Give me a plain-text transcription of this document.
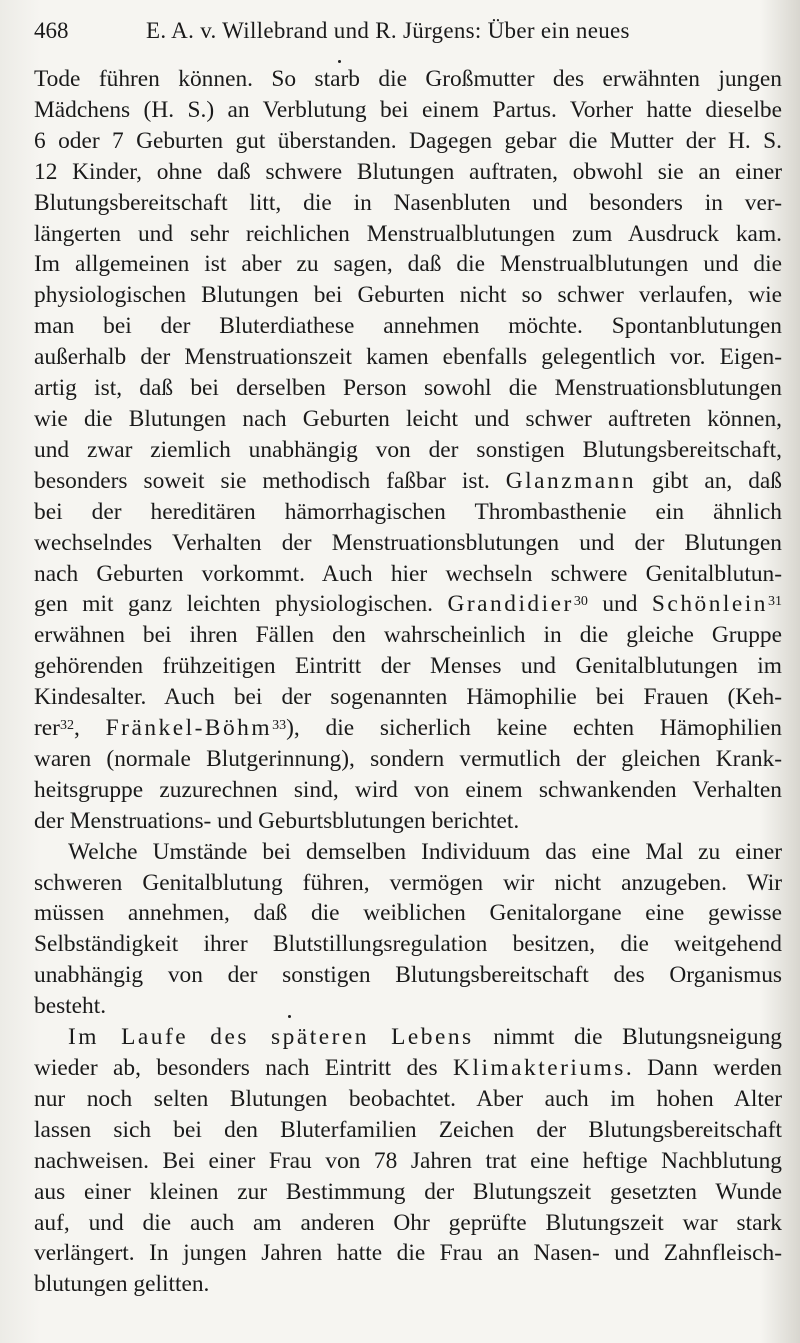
468	E. A. v. Willebrand und R. Jürgens: Über ein neues

Tode führen können. So starb die Großmutter des erwähnten jungen
Mädchens (H. S.) an Verblutung bei einem Partus. Vorher hatte dieselbe
6 oder 7 Geburten gut überstanden. Dagegen gebar die Mutter der H. S.
12 Kinder, ohne daß schwere Blutungen auftraten, obwohl sie an einer
Blutungsbereitschaft litt, die in Nasenbluten und besonders in ver-
längerten und sehr reichlichen Menstrualblutungen zum Ausdruck kam.
Im allgemeinen ist aber zu sagen, daß die Menstrualblutungen und die
physiologischen Blutungen bei Geburten nicht so schwer verlaufen, wie
man bei der Bluterdiathese annehmen möchte. Spontanblutungen
außerhalb der Menstruationszeit kamen ebenfalls gelegentlich vor. Eigen-
artig ist, daß bei derselben Person sowohl die Menstruationsblutungen
wie die Blutungen nach Geburten leicht und schwer auftreten können,
und zwar ziemlich unabhängig von der sonstigen Blutungsbereitschaft,
besonders soweit sie methodisch faßbar ist. Glanzmann gibt an, daß
bei der hereditären hämorrhagischen Thrombasthenie ein ähnlich
wechselndes Verhalten der Menstruationsblutungen und der Blutungen
nach Geburten vorkommt. Auch hier wechseln schwere Genitalblutun-
gen mit ganz leichten physiologischen. Grandidier$^{30}$ und Schönlein$^{31}$
erwähnen bei ihren Fällen den wahrscheinlich in die gleiche Gruppe
gehörenden frühzeitigen Eintritt der Menses und Genitalblutungen im
Kindesalter. Auch bei der sogenannten Hämophilie bei Frauen (Keh-
rer$^{32}$, Fränkel-Böhm$^{33}$), die sicherlich keine echten Hämophilien
waren (normale Blutgerinnung), sondern vermutlich der gleichen Krank-
heitsgruppe zuzurechnen sind, wird von einem schwankenden Verhalten
der Menstruations- und Geburtsblutungen berichtet.

Welche Umstände bei demselben Individuum das eine Mal zu einer
schweren Genitalblutung führen, vermögen wir nicht anzugeben. Wir
müssen annehmen, daß die weiblichen Genitalorgane eine gewisse
Selbständigkeit ihrer Blutstillungsregulation besitzen, die weitgehend
unabhängig von der sonstigen Blutungsbereitschaft des Organismus
besteht.

Im Laufe des späteren Lebens nimmt die Blutungsneigung
wieder ab, besonders nach Eintritt des Klimakteriums. Dann werden
nur noch selten Blutungen beobachtet. Aber auch im hohen Alter
lassen sich bei den Bluterfamilien Zeichen der Blutungsbereitschaft
nachweisen. Bei einer Frau von 78 Jahren trat eine heftige Nachblutung
aus einer kleinen zur Bestimmung der Blutungszeit gesetzten Wunde
auf, und die auch am anderen Ohr geprüfte Blutungszeit war stark
verlängert. In jungen Jahren hatte die Frau an Nasen- und Zahnfleisch-
blutungen gelitten.
